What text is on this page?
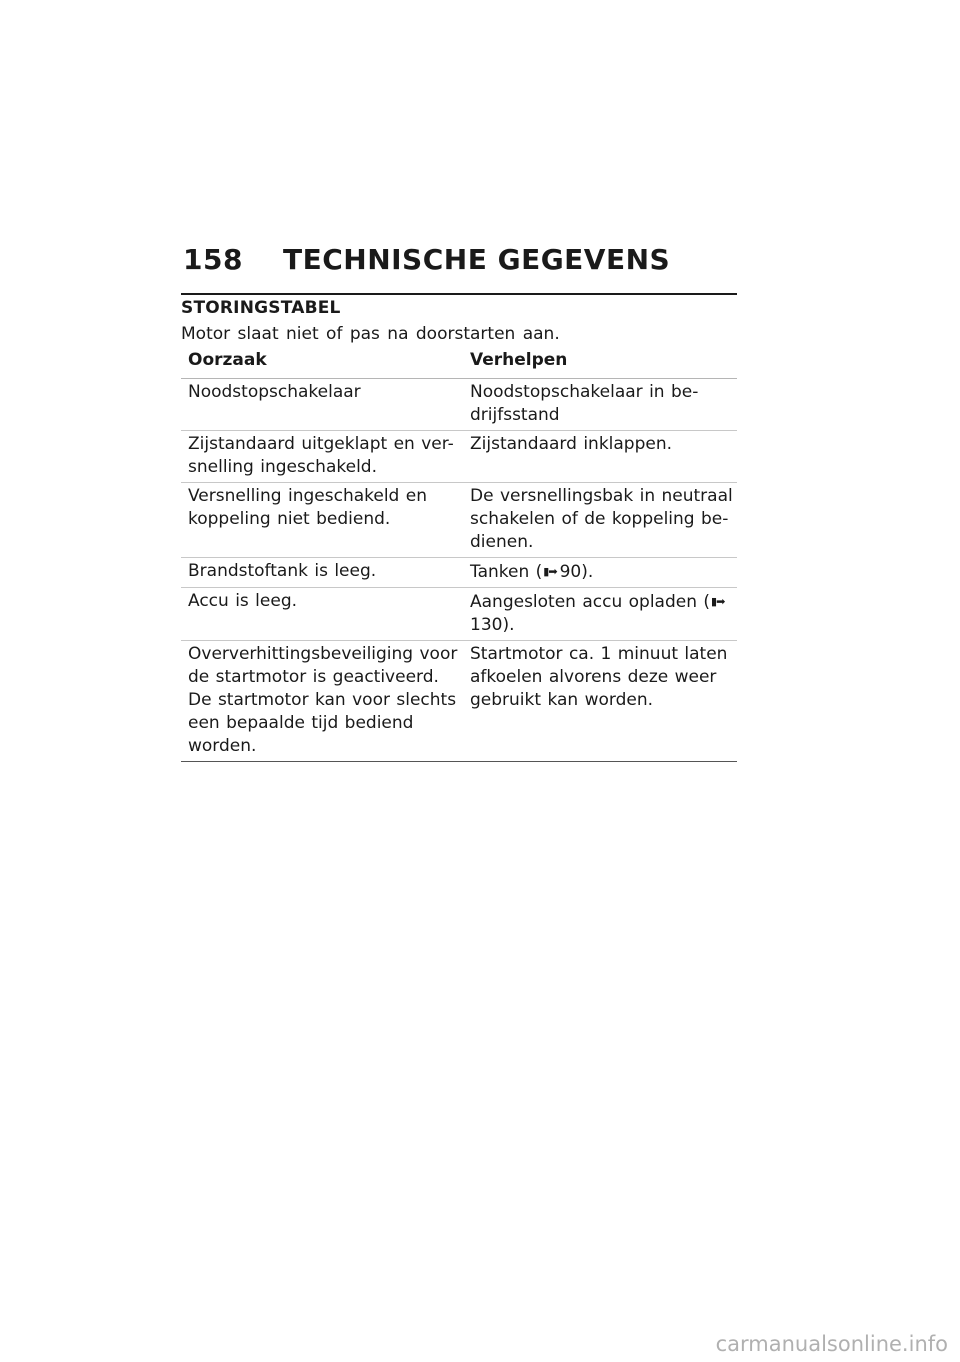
158	TECHNISCHE GEGEVENS
STORINGSTABEL
Motor slaat niet of pas na doorstarten aan.
Oorzaak	Verhelpen
Noodstopschakelaar	Noodstopschakelaar in be-drijfsstand
Zijstandaard uitgeklapt en ver-snelling ingeschakeld.	Zijstandaard inklappen.
Versnelling ingeschakeld en koppeling niet bediend.	De versnellingsbak in neutraal schakelen of de koppeling be-dienen.
Brandstoftank is leeg.	Tanken (▮➡ 90).
Accu is leeg.	Aangesloten accu opladen (▮➡130).
Oververhittingsbeveiliging voor de startmotor is geactiveerd. De startmotor kan voor slechts een bepaalde tijd bediend worden.	Startmotor ca. 1 minuut laten afkoelen alvorens deze weer gebruikt kan worden.
carmanualsonline.info
